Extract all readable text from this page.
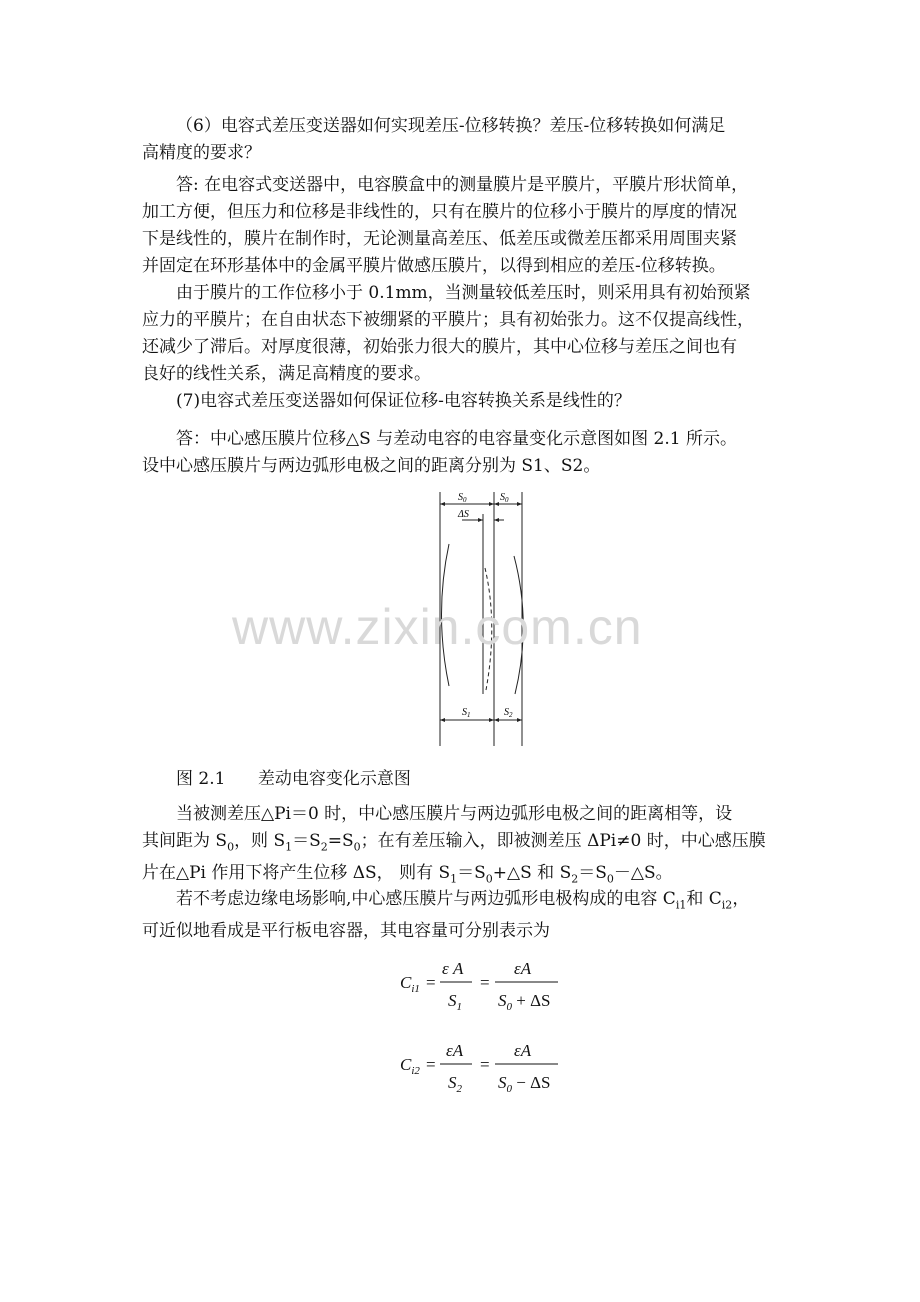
（6）电容式差压变送器如何实现差压-位移转换？差压-位移转换如何满足
高精度的要求？

答: 在电容式变送器中，电容膜盒中的测量膜片是平膜片，平膜片形状简单，
加工方便，但压力和位移是非线性的，只有在膜片的位移小于膜片的厚度的情况
下是线性的，膜片在制作时，无论测量高差压、低差压或微差压都采用周围夹紧
并固定在环形基体中的金属平膜片做感压膜片，以得到相应的差压-位移转换。

由于膜片的工作位移小于 0.1mm，当测量较低差压时，则采用具有初始预紧
应力的平膜片；在自由状态下被绷紧的平膜片；具有初始张力。这不仅提高线性，
还减少了滞后。对厚度很薄，初始张力很大的膜片，其中心位移与差压之间也有
良好的线性关系，满足高精度的要求。

(7)电容式差压变送器如何保证位移-电容转换关系是线性的？

答：中心感压膜片位移△S 与差动电容的电容量变化示意图如图 2.1 所示。
设中心感压膜片与两边弧形电极之间的距离分别为 S1、S2。

$S_0$	$S_0$
ΔS
$S_1$	$S_2$
www.zixin.com.cn
图 2.1      差动电容变化示意图

当被测差压△Pi＝0 时，中心感压膜片与两边弧形电极之间的距离相等，设
其间距为 $S_0$，则 $S_1=S_2=S_0$；在有差压输入，即被测差压 ΔPi≠0 时，中心感压膜
片在△Pi 作用下将产生位移 ΔS， 则有 $S_1=S_0+\triangle S$ 和 $S_2=S_0-\triangle S$。

若不考虑边缘电场影响,中心感压膜片与两边弧形电极构成的电容 $C_{i1}$和 $C_{i2}$，
可近似地看成是平行板电容器，其电容量可分别表示为

$C_{i1}$ =
ε A
$S_1$
=
εA
$S_0 + \Delta S$
$C_{i2}$ =
εA
$S_2$
=
εA
$S_0 - \Delta S$
